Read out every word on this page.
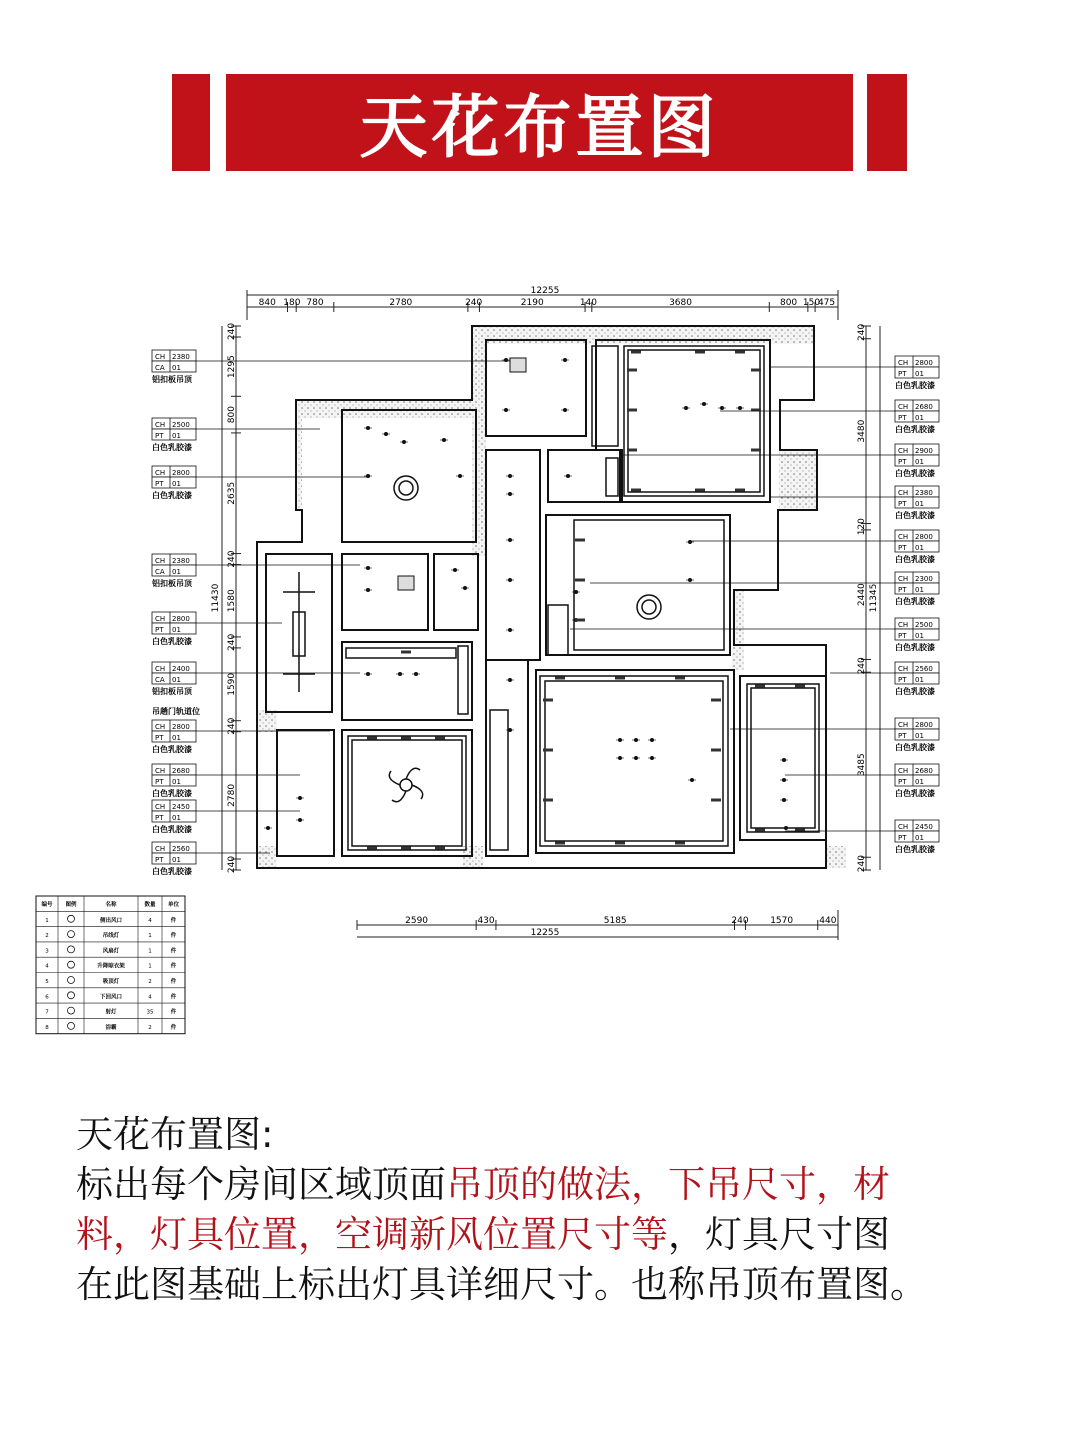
天花布置图
12255
840 180 780	2780	240	2190	140	3680	800 150
475
11430
240
1295
800
2635
240
1580
240
1590
240
2780
240
11345
240
3480
120
2440
240
3485
240
12255
2590	430	5185	240 1570	440
CH 2380
CA 01
铝扣板吊顶
CH 2500
PT 01
白色乳胶漆
CH 2800
PT 01
白色乳胶漆
CH 2380
CA 01
铝扣板吊顶
CH 2800
PT 01
白色乳胶漆
CH 2400
CA 01
铝扣板吊顶
CH 2800
PT 01
白色乳胶漆
CH 2680
PT 01
白色乳胶漆
CH 2450
PT 01
白色乳胶漆
CH 2560
PT 01
白色乳胶漆
CH 2800
PT 01
白色乳胶漆
CH 2680
PT 01
白色乳胶漆
CH 2900
PT 01
白色乳胶漆
CH 2380
PT 01
白色乳胶漆
CH 2800
PT 01
白色乳胶漆
CH 2300
PT 01
白色乳胶漆
CH 2500
PT 01
白色乳胶漆
CH 2560
PT 01
白色乳胶漆
CH 2800
PT 01
白色乳胶漆
CH 2680
PT 01
白色乳胶漆
CH 2450
PT 01
白色乳胶漆
吊趟门轨道位
编号 图例	名称	数量 单位
1	侧出风口	4	件
2	吊线灯	1	件
3	风扇灯	1	件
4	升降晾衣架	1	件
5	吸顶灯	2	件
6	下回风口	4	件
7	射灯	35	件
8	浴霸	2	件
天花布置图:
标出每个房间区域顶面吊顶的做法，下吊尺寸，材
料，灯具位置，空调新风位置尺寸等，灯具尺寸图
在此图基础上标出灯具详细尺寸。也称吊顶布置图。
